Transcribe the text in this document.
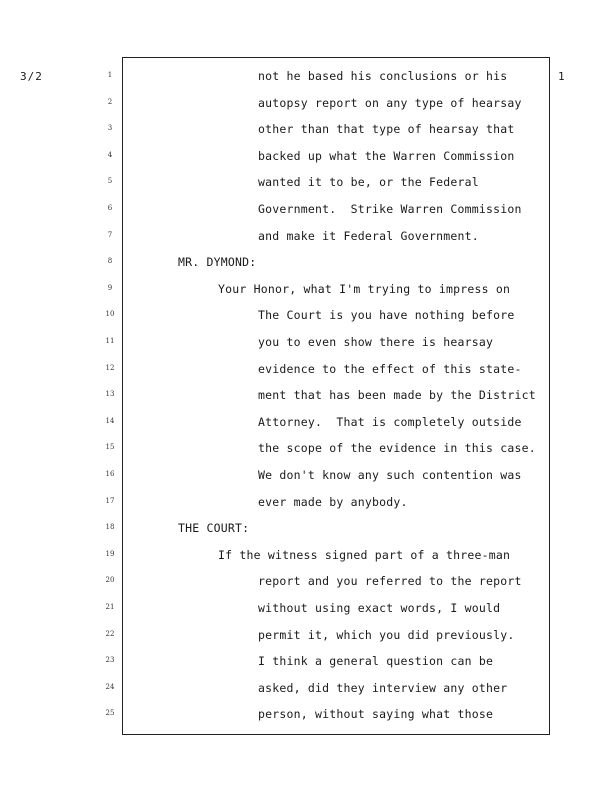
3/2	1
1	not he based his conclusions or his
2	autopsy report on any type of hearsay
3	other than that type of hearsay that
4	backed up what the Warren Commission
5	wanted it to be, or the Federal
6	Government.  Strike Warren Commission
7	and make it Federal Government.
8	MR. DYMOND:
9	Your Honor, what I'm trying to impress on
10	The Court is you have nothing before
11	you to even show there is hearsay
12	evidence to the effect of this state-
13	ment that has been made by the District
14	Attorney.  That is completely outside
15	the scope of the evidence in this case.
16	We don't know any such contention was
17	ever made by anybody.
18	THE COURT:
19	If the witness signed part of a three-man
20	report and you referred to the report
21	without using exact words, I would
22	permit it, which you did previously.
23	I think a general question can be
24	asked, did they interview any other
25	person, without saying what those
